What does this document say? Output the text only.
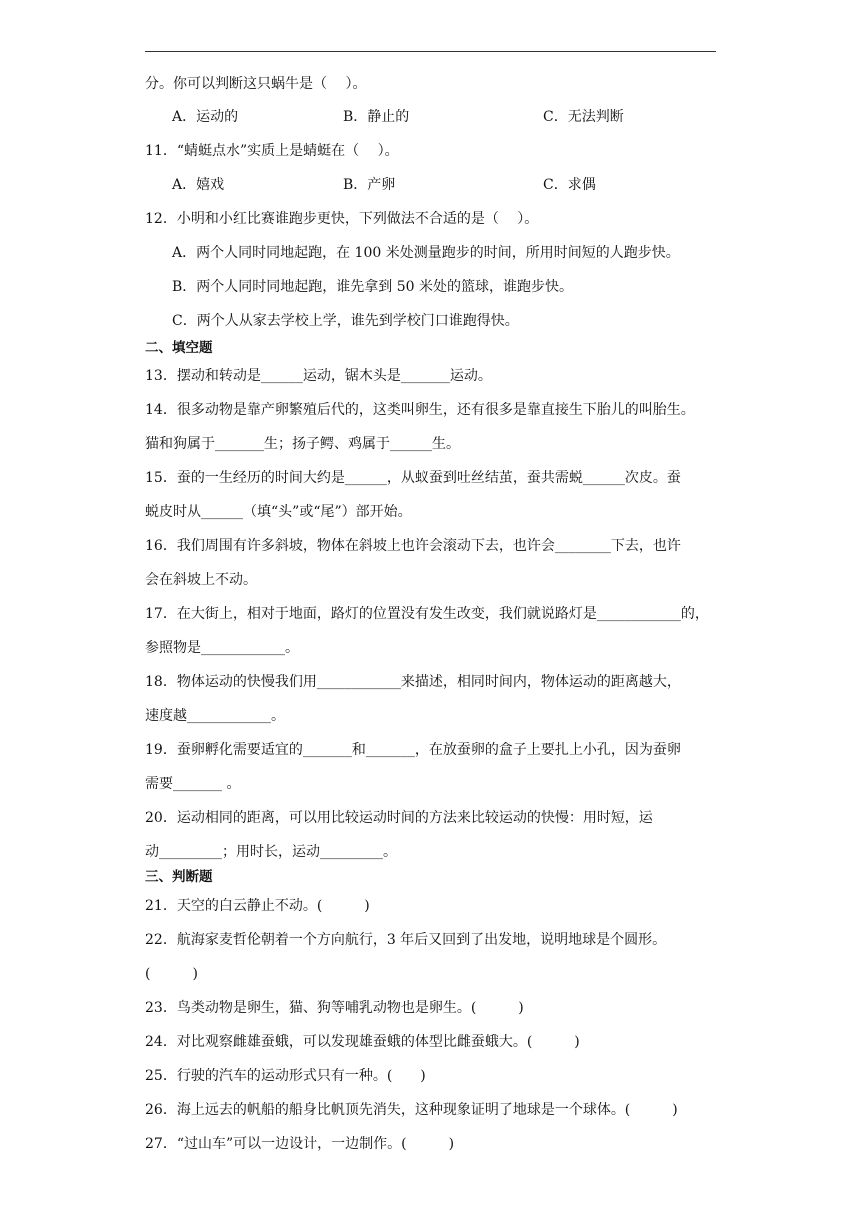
分。你可以判断这只蜗牛是（　 ）。
A．运动的	B．静止的	C．无法判断
11．“蜻蜓点水”实质上是蜻蜓在（　 ）。
A．嬉戏	B．产卵	C．求偶
12．小明和小红比赛谁跑步更快，下列做法不合适的是（　 ）。
A．两个人同时同地起跑，在 100 米处测量跑步的时间，所用时间短的人跑步快。
B．两个人同时同地起跑，谁先拿到 50 米处的篮球，谁跑步快。
C．两个人从家去学校上学，谁先到学校门口谁跑得快。
二、填空题
13．摆动和转动是______运动，锯木头是_______运动。
14．很多动物是靠产卵繁殖后代的，这类叫卵生，还有很多是靠直接生下胎儿的叫胎生。
猫和狗属于_______生；扬子鳄、鸡属于______生。
15．蚕的一生经历的时间大约是______，从蚁蚕到吐丝结茧，蚕共需蜕______次皮。蚕
蜕皮时从______（填“头”或“尾”）部开始。
16．我们周围有许多斜坡，物体在斜坡上也许会滚动下去，也许会________下去，也许
会在斜坡上不动。
17．在大街上，相对于地面，路灯的位置没有发生改变，我们就说路灯是____________的，
参照物是____________。
18．物体运动的快慢我们用____________来描述，相同时间内，物体运动的距离越大，
速度越____________。
19．蚕卵孵化需要适宜的_______和_______，在放蚕卵的盒子上要扎上小孔，因为蚕卵
需要_______ 。
20．运动相同的距离，可以用比较运动时间的方法来比较运动的快慢：用时短，运
动_________；用时长，运动_________。
三、判断题
21．天空的白云静止不动。(　　　)
22．航海家麦哲伦朝着一个方向航行，3 年后又回到了出发地，说明地球是个圆形。
(　　　)
23．鸟类动物是卵生，猫、狗等哺乳动物也是卵生。(　　　)
24．对比观察雌雄蚕蛾，可以发现雄蚕蛾的体型比雌蚕蛾大。(　　　)
25．行驶的汽车的运动形式只有一种。(　　)
26．海上远去的帆船的船身比帆顶先消失，这种现象证明了地球是一个球体。(　　　)
27．“过山车”可以一边设计，一边制作。(　　　)
